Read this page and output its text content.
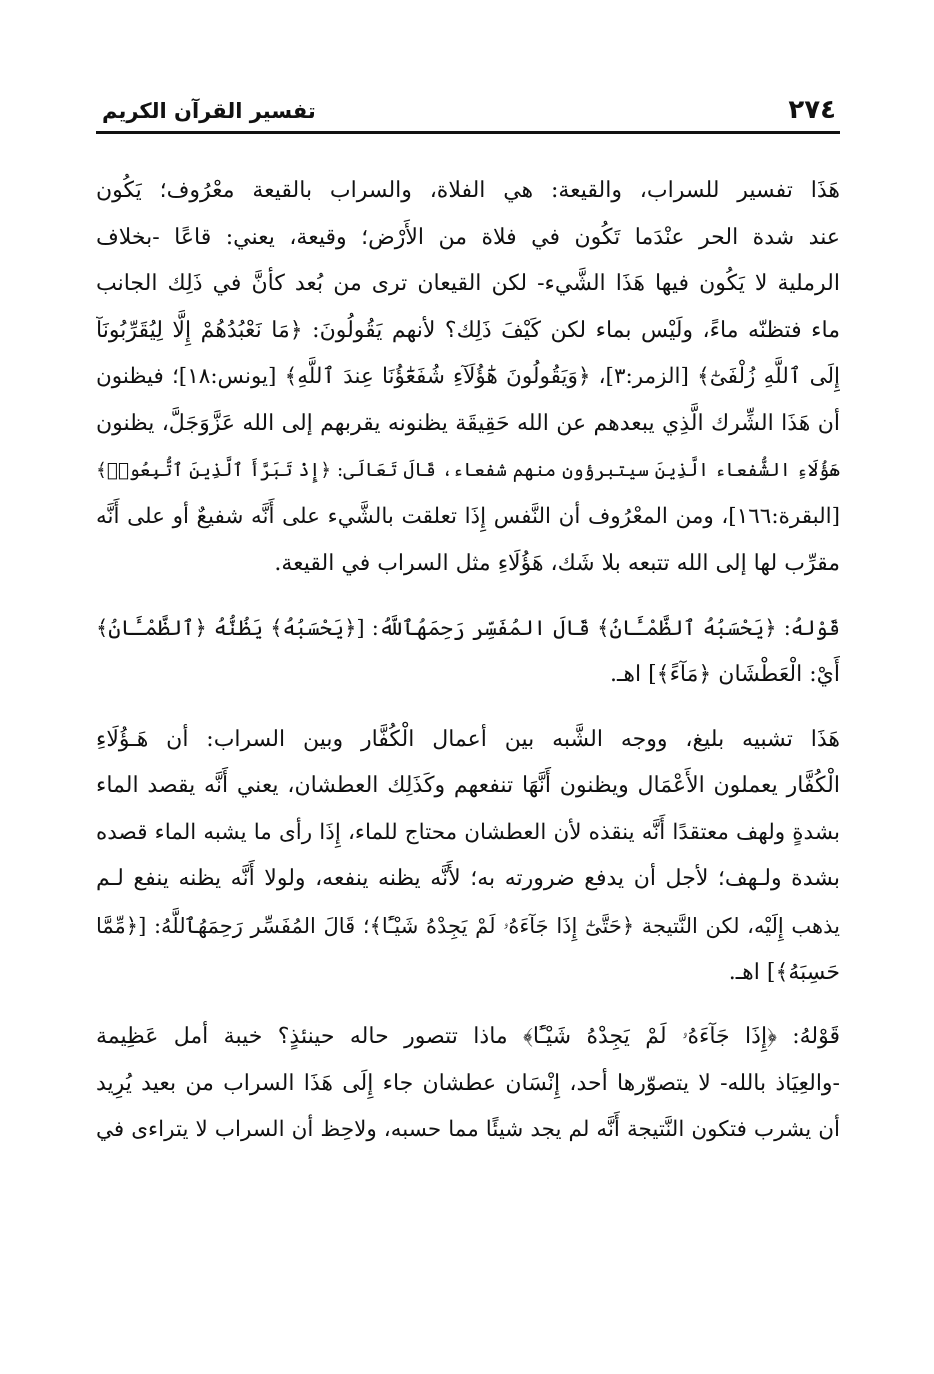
٢٧٤
تفسير القرآن الكريم
هَذَا تفسير للسراب، والقيعة: هي الفلاة، والسراب بالقيعة معْرُوف؛ يَكُون
عند شدة الحر عنْدَما تَكُون في فلاة من الأَرْض؛ وقيعة، يعني: قاعًا -بخلاف
الرملية لا يَكُون فيها هَذَا الشَّيء- لكن القيعان ترى من بُعد كأنَّ في ذَلِك الجانب
ماء فتظنّه ماءً، ولَيْس بماء لكن كَيْفَ ذَلِك؟ لأنهم يَقُولُونَ: ﴿مَا نَعْبُدُهُمْ إِلَّا لِيُقَرِّبُونَآ
إِلَى ٱللَّهِ زُلْفَىٰٓ﴾ [الزمر:٣]، ﴿وَيَقُولُونَ هَٰٓؤُلَآءِ شُفَعَٰٓؤُنَا عِندَ ٱللَّهِ﴾ [يونس:١٨]؛ فيظنون
أن هَذَا الشِّرك الَّذِي يبعدهم عن الله حَقِيقَة يظنونه يقربهم إلى الله عَزَّوَجَلَّ، يظنون
هَؤُلَاءِ الشُّفعاء الَّذِينَ سيتبرؤون منهم شفعاء، قَالَ تَعَالَى: ﴿إِذْ تَبَرَّأَ ٱلَّذِينَ ٱتُّبِعُوا۟﴾
[البقرة:١٦٦]، ومن المعْرُوف أن النَّفس إِذَا تعلقت بالشَّيء على أَنَّه شفيعٌ أو على أَنَّه
مقرِّب لها إلى الله تتبعه بلا شَك، هَؤُلَاءِ مثل السراب في القيعة.
قَوْلهُ: ﴿يَحْسَبُهُ ٱلظَّمْـَٔانُ﴾ قَالَ المُفَسِّر رَحِمَهُٱللَّهُ: [﴿يَحْسَبُهُ﴾ يَظُنُّهُ ﴿ٱلظَّمْـَٔانُ﴾
أَيْ: الْعَطْشَان ﴿مَآءً﴾] اهـ.
هَذَا تشبيه بليغ، ووجه الشَّبه بين أعمال الْكُفَّار وبين السراب: أن هَـؤُلَاءِ
الْكُفَّار يعملون الأَعْمَال ويظنون أَنَّهَا تنفعهم وكَذَلِك العطشان، يعني أَنَّه يقصد الماء
بشدةٍ ولهف معتقدًا أَنَّه ينقذه لأن العطشان محتاج للماء، إِذَا رأى ما يشبه الماء قصده
بشدة ولـهف؛ لأجل أن يدفع ضرورته به؛ لأَنَّه يظنه ينفعه، ولولا أَنَّه يظنه ينفع لـم
يذهب إِلَيْه، لكن النَّتيجة ﴿حَتَّىٰٓ إِذَا جَآءَهُۥ لَمْ يَجِدْهُ شَيْـًٔا﴾؛ قَالَ المُفَسِّر رَحِمَهُٱللَّهُ: [﴿مِّمَّا
حَسِبَهُ﴾] اهـ.
قَوْلهُ: ﴿إِذَا جَآءَهُۥ لَمْ يَجِدْهُ شَيْـًٔا﴾ ماذا تتصور حاله حينئذٍ؟ خيبة أمل عَظِيمة
-والعِيَاذ بالله- لا يتصوّرها أحد، إِنْسَان عطشان جاء إِلَى هَذَا السراب من بعيد يُرِيد
أن يشرب فتكون النَّتيجة أَنَّه لم يجد شيئًا مما حسبه، ولاحِظ أن السراب لا يتراءى في
